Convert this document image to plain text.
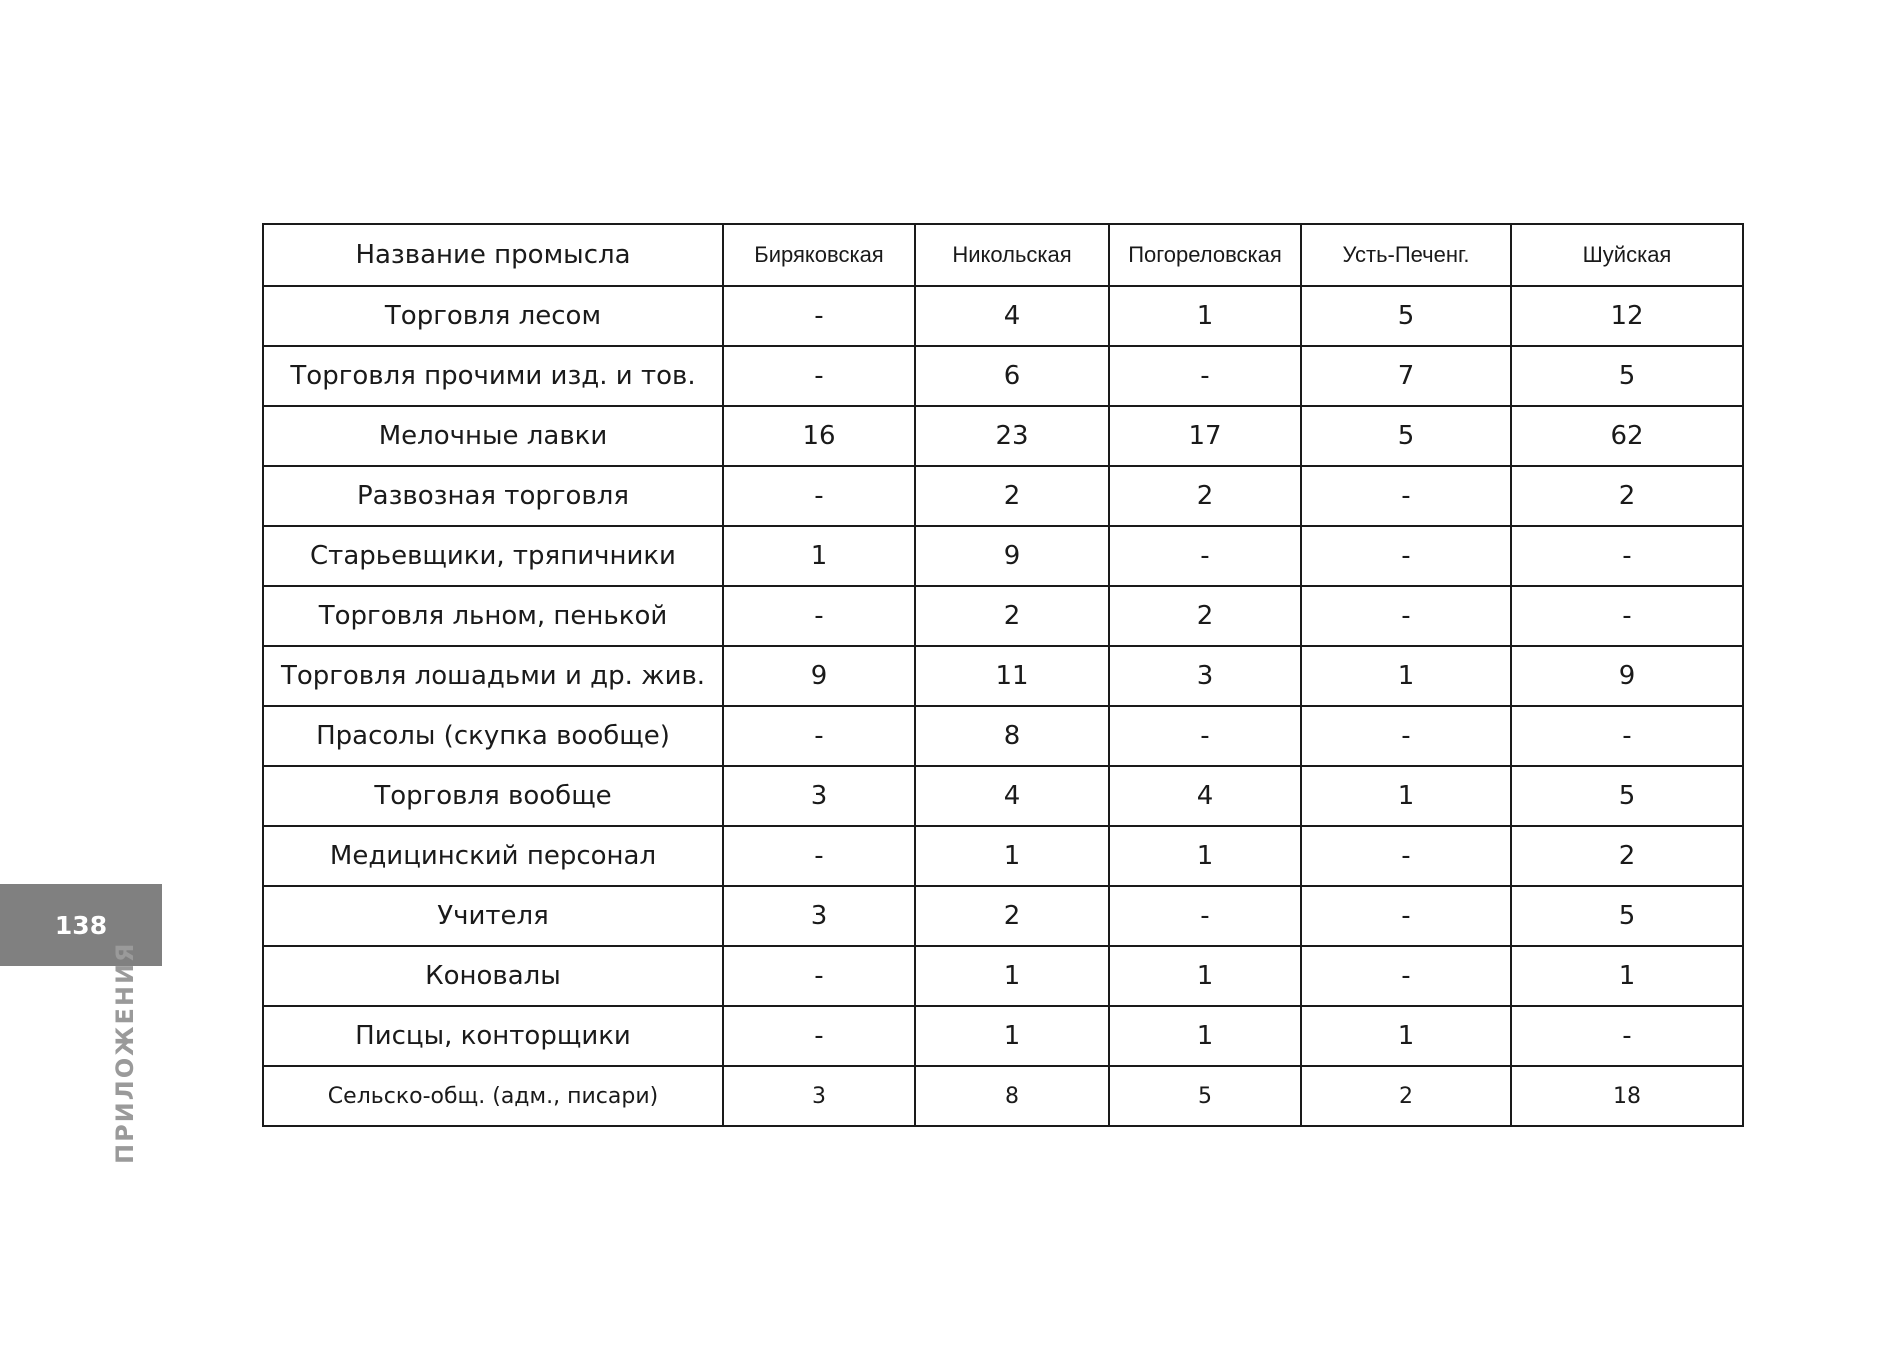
138
ПРИЛОЖЕНИЯ
Название промысла	Биряковская	Никольская	Погореловская	Усть-Печенг.	Шуйская
Торговля лесом	-	4	1	5	12
Торговля прочими изд. и тов.	-	6	-	7	5
Мелочные лавки	16	23	17	5	62
Развозная торговля	-	2	2	-	2
Старьевщики, тряпичники	1	9	-	-	-
Торговля льном, пенькой	-	2	2	-	-
Торговля лошадьми и др. жив.	9	11	3	1	9
Прасолы (скупка вообще)	-	8	-	-	-
Торговля вообще	3	4	4	1	5
Медицинский персонал	-	1	1	-	2
Учителя	3	2	-	-	5
Коновалы	-	1	1	-	1
Писцы, конторщики	-	1	1	1	-
Сельско-общ. (адм., писари)	3	8	5	2	18
